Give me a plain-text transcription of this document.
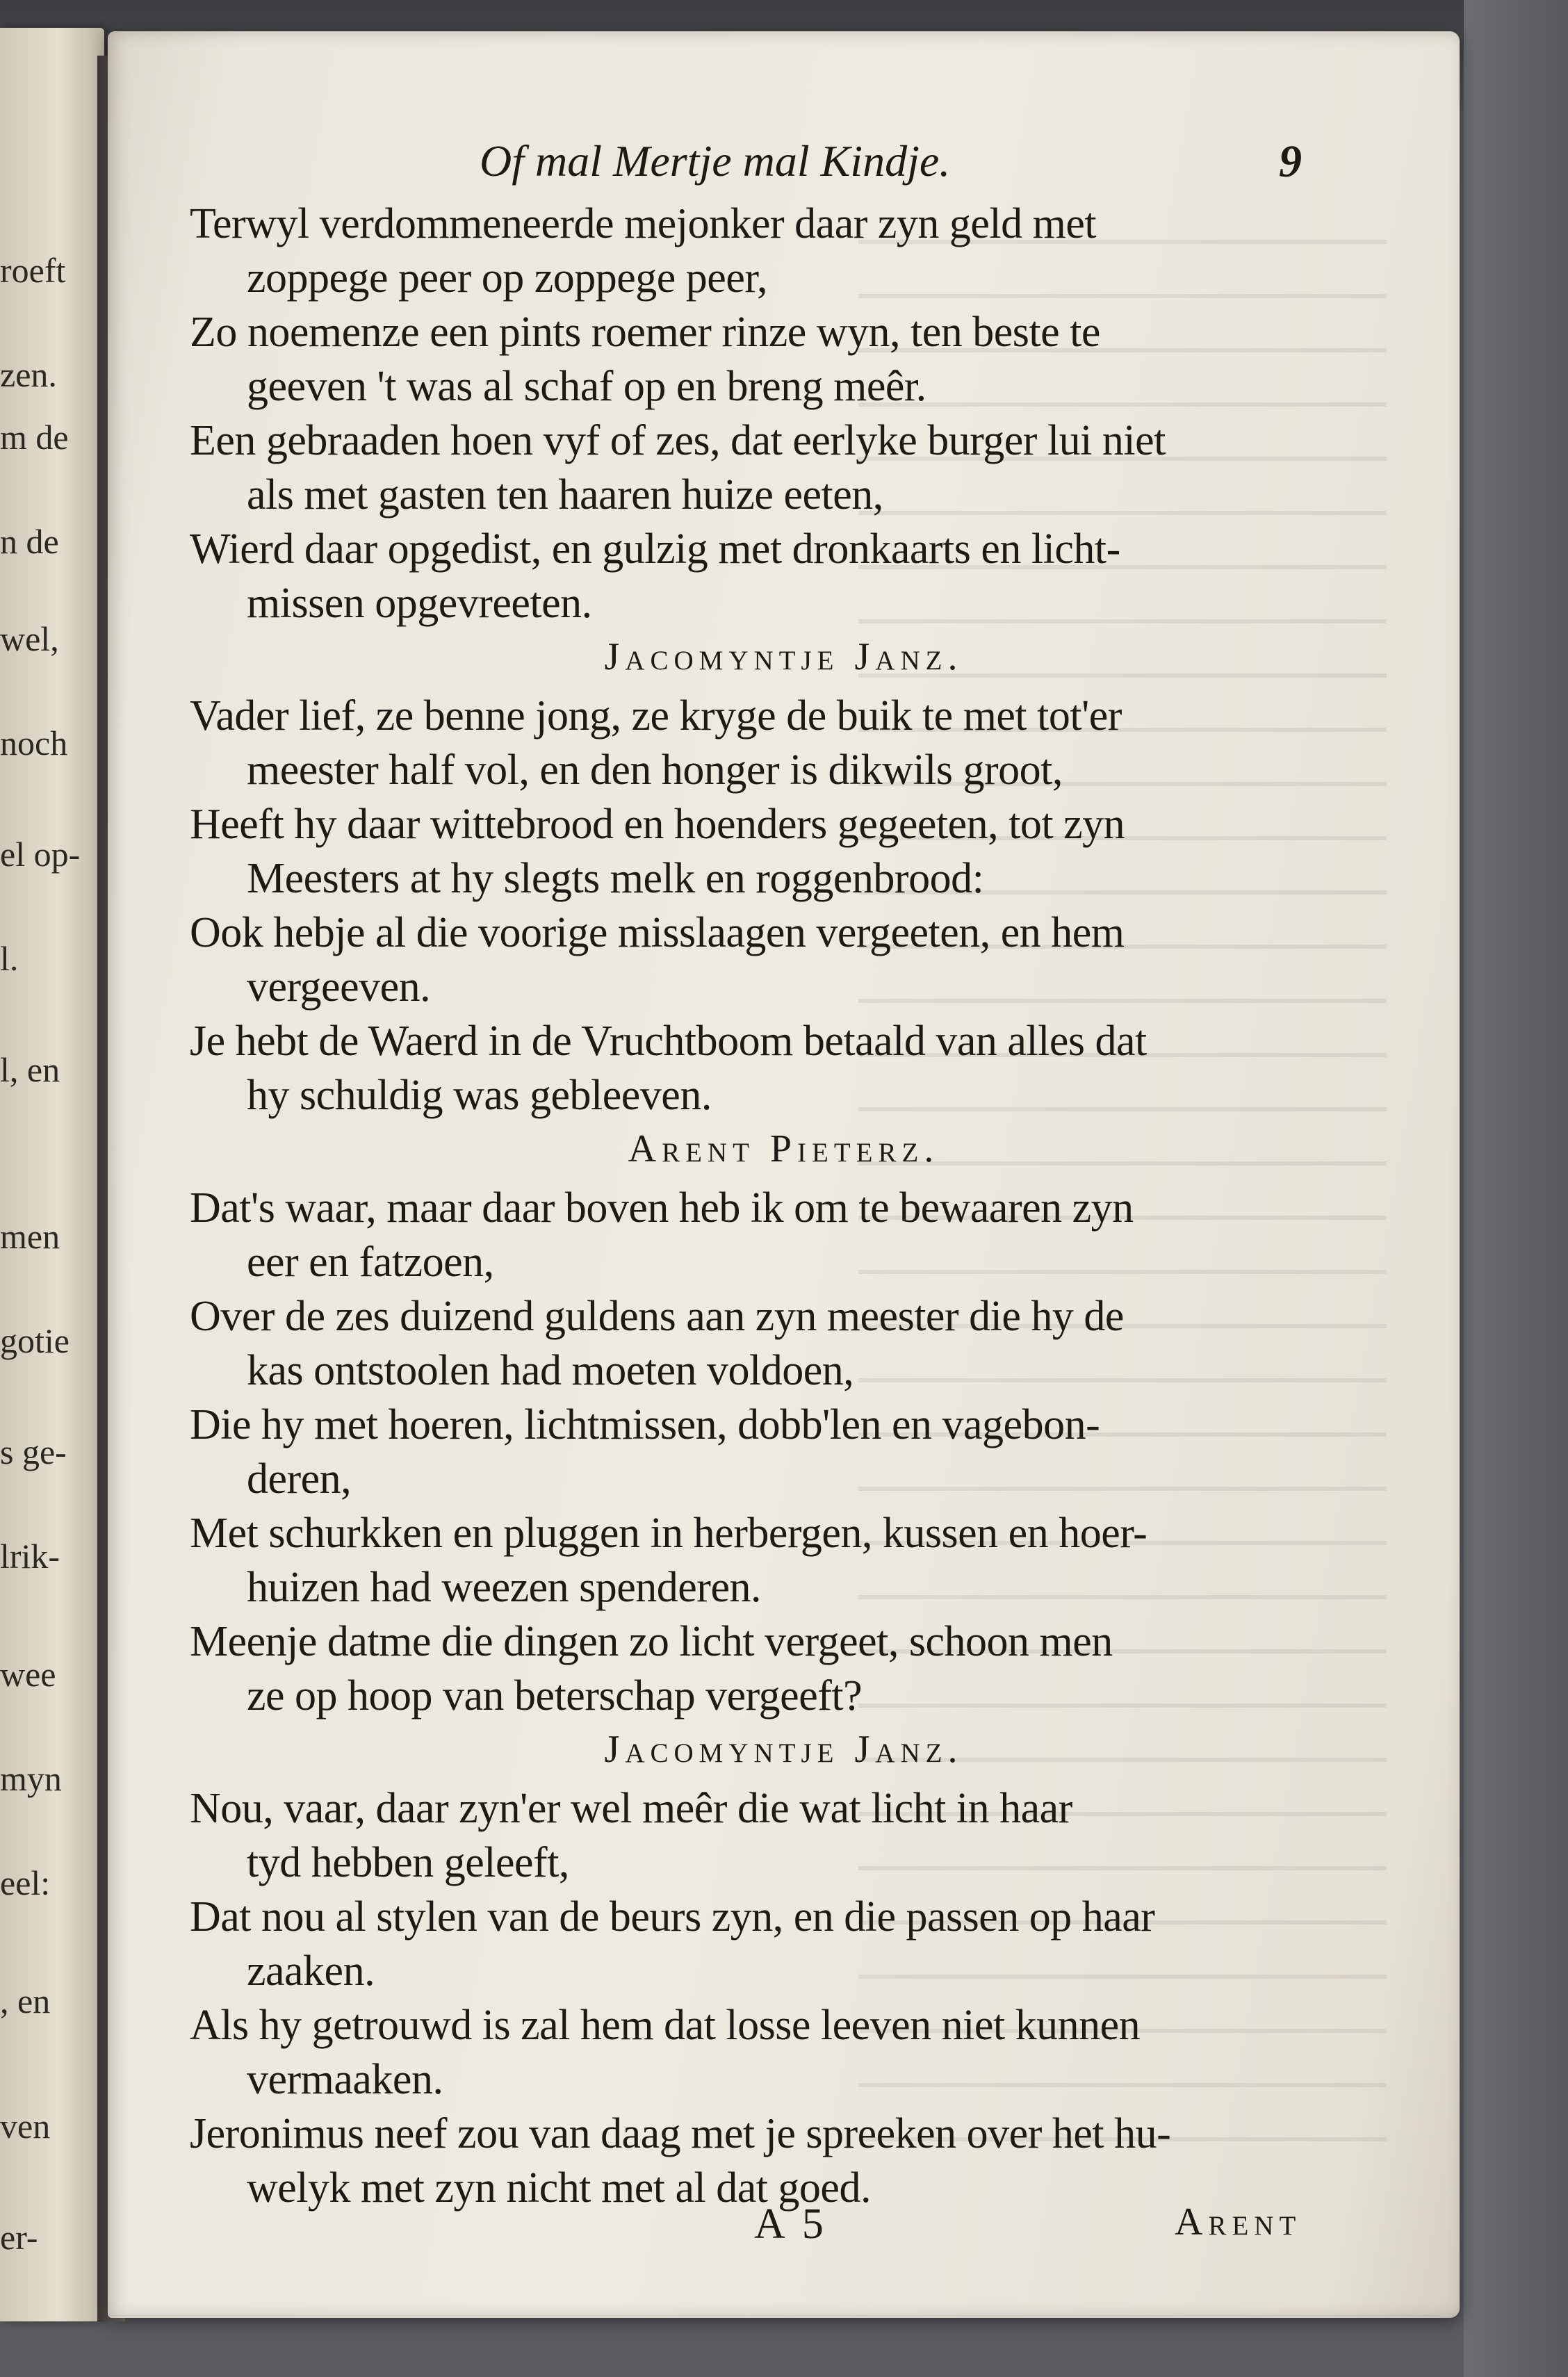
roeft
zen.
m de
n de
wel,
noch
el op-
l.
l, en
men
gotie
s ge-
lrik-
wee
myn
eel:
, en
ven
er-
Of mal Mertje mal Kindje.	9
Terwyl verdommeneerde mejonker daar zyn geld met
zoppege peer op zoppege peer,
Zo noemenze een pints roemer rinze wyn, ten beste te
geeven 't was al schaf op en breng meêr.
Een gebraaden hoen vyf of zes, dat eerlyke burger lui niet
als met gasten ten haaren huize eeten,
Wierd daar opgedist, en gulzig met dronkaarts en licht-
missen opgevreeten.
Jacomyntje Janz.
Vader lief, ze benne jong, ze kryge de buik te met tot'er
meester half vol, en den honger is dikwils groot,
Heeft hy daar wittebrood en hoenders gegeeten, tot zyn
Meesters at hy slegts melk en roggenbrood:
Ook hebje al die voorige misslaagen vergeeten, en hem
vergeeven.
Je hebt de Waerd in de Vruchtboom betaald van alles dat
hy schuldig was gebleeven.
Arent Pieterz.
Dat's waar, maar daar boven heb ik om te bewaaren zyn
eer en fatzoen,
Over de zes duizend guldens aan zyn meester die hy de
kas ontstoolen had moeten voldoen,
Die hy met hoeren, lichtmissen, dobb'len en vagebon-
deren,
Met schurkken en pluggen in herbergen, kussen en hoer-
huizen had weezen spenderen.
Meenje datme die dingen zo licht vergeet, schoon men
ze op hoop van beterschap vergeeft?
Jacomyntje Janz.
Nou, vaar, daar zyn'er wel meêr die wat licht in haar
tyd hebben geleeft,
Dat nou al stylen van de beurs zyn, en die passen op haar
zaaken.
Als hy getrouwd is zal hem dat losse leeven niet kunnen
vermaaken.
Jeronimus neef zou van daag met je spreeken over het hu-
welyk met zyn nicht met al dat goed.
A 5	Arent
